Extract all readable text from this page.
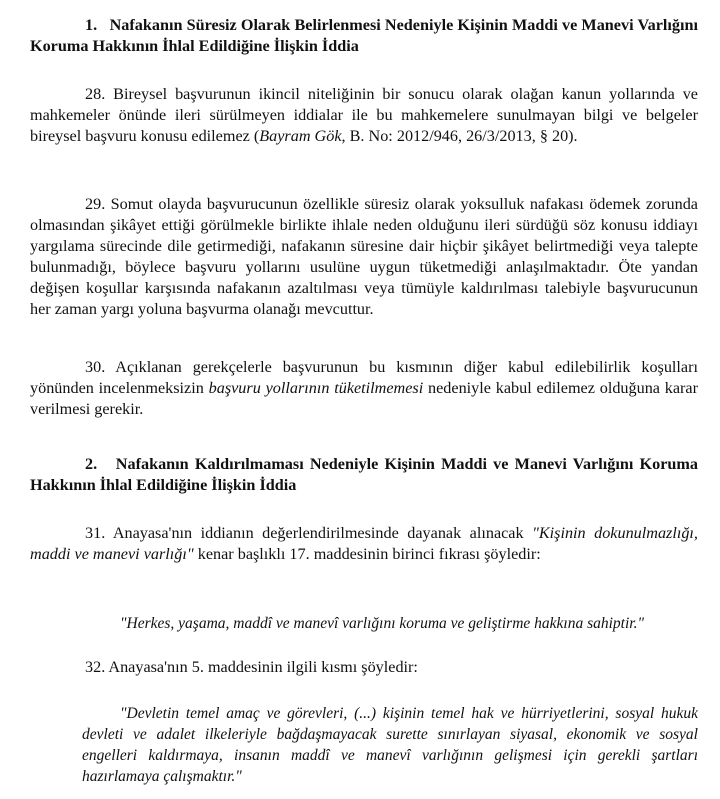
1. Nafakanın Süresiz Olarak Belirlenmesi Nedeniyle Kişinin Maddi ve Manevi Varlığını Koruma Hakkının İhlal Edildiğine İlişkin İddia
28. Bireysel başvurunun ikincil niteliğinin bir sonucu olarak olağan kanun yollarında ve mahkemeler önünde ileri sürülmeyen iddialar ile bu mahkemelere sunulmayan bilgi ve belgeler bireysel başvuru konusu edilemez (Bayram Gök, B. No: 2012/946, 26/3/2013, § 20).
29. Somut olayda başvurucunun özellikle süresiz olarak yoksulluk nafakası ödemek zorunda olmasından şikâyet ettiği görülmekle birlikte ihlale neden olduğunu ileri sürdüğü söz konusu iddiayı yargılama sürecinde dile getirmediği, nafakanın süresine dair hiçbir şikâyet belirtmediği veya talepte bulunmadığı, böylece başvuru yollarını usulüne uygun tüketmediği anlaşılmaktadır. Öte yandan değişen koşullar karşısında nafakanın azaltılması veya tümüyle kaldırılması talebiyle başvurucunun her zaman yargı yoluna başvurma olanağı mevcuttur.
30. Açıklanan gerekçelerle başvurunun bu kısmının diğer kabul edilebilirlik koşulları yönünden incelenmeksizin başvuru yollarının tüketilmemesi nedeniyle kabul edilemez olduğuna karar verilmesi gerekir.
2. Nafakanın Kaldırılmaması Nedeniyle Kişinin Maddi ve Manevi Varlığını Koruma Hakkının İhlal Edildiğine İlişkin İddia
31. Anayasa'nın iddianın değerlendirilmesinde dayanak alınacak "Kişinin dokunulmazlığı, maddi ve manevi varlığı" kenar başlıklı 17. maddesinin birinci fıkrası şöyledir:
"Herkes, yaşama, maddî ve manevî varlığını koruma ve geliştirme hakkına sahiptir."
32. Anayasa'nın 5. maddesinin ilgili kısmı şöyledir:
"Devletin temel amaç ve görevleri, (...) kişinin temel hak ve hürriyetlerini, sosyal hukuk devleti ve adalet ilkeleriyle bağdaşmayacak surette sınırlayan siyasal, ekonomik ve sosyal engelleri kaldırmaya, insanın maddî ve manevî varlığının gelişmesi için gerekli şartları hazırlamaya çalışmaktır."
